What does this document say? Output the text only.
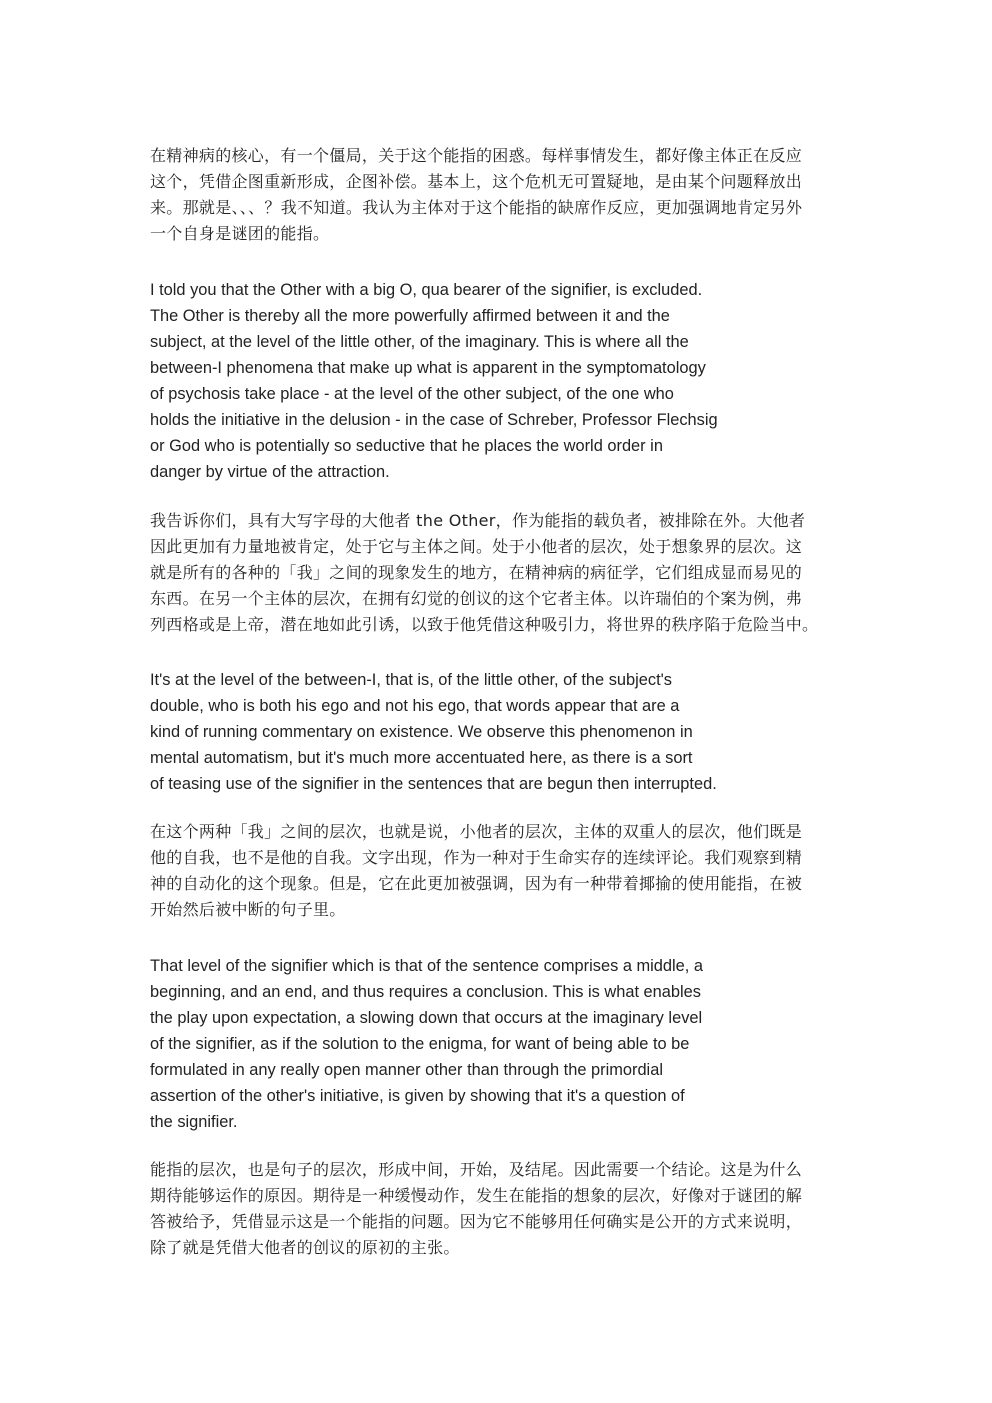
在精神病的核心，有一个僵局，关于这个能指的困惑。每样事情发生，都好像主体正在反应
这个，凭借企图重新形成，企图补偿。基本上，这个危机无可置疑地，是由某个问题释放出
来。那就是、、、？我不知道。我认为主体对于这个能指的缺席作反应，更加强调地肯定另外
一个自身是谜团的能指。

I told you that the Other with a big O, qua bearer of the signifier, is excluded.
The Other is thereby all the more powerfully affirmed between it and the
subject, at the level of the little other, of the imaginary. This is where all the
between-I phenomena that make up what is apparent in the symptomatology
of psychosis take place - at the level of the other subject, of the one who
holds the initiative in the delusion - in the case of Schreber, Professor Flechsig
or God who is potentially so seductive that he places the world order in
danger by virtue of the attraction.

我告诉你们，具有大写字母的大他者 the Other，作为能指的载负者，被排除在外。大他者
因此更加有力量地被肯定，处于它与主体之间。处于小他者的层次，处于想象界的层次。这
就是所有的各种的「我」之间的现象发生的地方，在精神病的病征学，它们组成显而易见的
东西。在另一个主体的层次，在拥有幻觉的创议的这个它者主体。以许瑞伯的个案为例，弗
列西格或是上帝，潜在地如此引诱，以致于他凭借这种吸引力，将世界的秩序陷于危险当中。

It's at the level of the between-I, that is, of the little other, of the subject's
double, who is both his ego and not his ego, that words appear that are a
kind of running commentary on existence. We observe this phenomenon in
mental automatism, but it's much more accentuated here, as there is a sort
of teasing use of the signifier in the sentences that are begun then interrupted.

在这个两种「我」之间的层次，也就是说，小他者的层次，主体的双重人的层次，他们既是
他的自我，也不是他的自我。文字出现，作为一种对于生命实存的连续评论。我们观察到精
神的自动化的这个现象。但是，它在此更加被强调，因为有一种带着揶揄的使用能指，在被
开始然后被中断的句子里。

That level of the signifier which is that of the sentence comprises a middle, a
beginning, and an end, and thus requires a conclusion. This is what enables
the play upon expectation, a slowing down that occurs at the imaginary level
of the signifier, as if the solution to the enigma, for want of being able to be
formulated in any really open manner other than through the primordial
assertion of the other's initiative, is given by showing that it's a question of
the signifier.

能指的层次，也是句子的层次，形成中间，开始，及结尾。因此需要一个结论。这是为什么
期待能够运作的原因。期待是一种缓慢动作，发生在能指的想象的层次，好像对于谜团的解
答被给予，凭借显示这是一个能指的问题。因为它不能够用任何确实是公开的方式来说明，
除了就是凭借大他者的创议的原初的主张。
